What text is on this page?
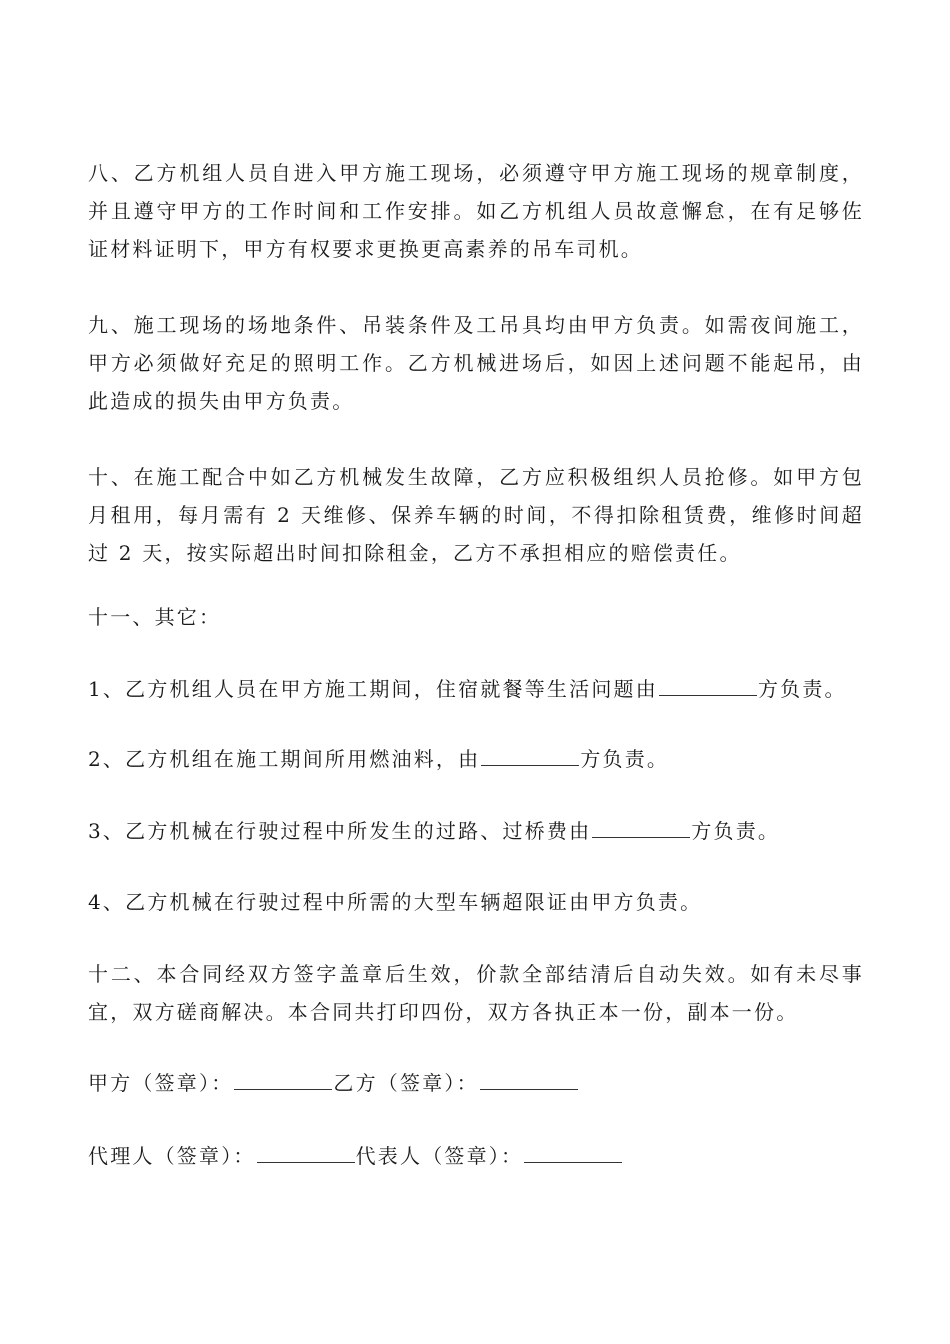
八、乙方机组人员自进入甲方施工现场，必须遵守甲方施工现场的规章制度，并且遵守甲方的工作时间和工作安排。如乙方机组人员故意懈怠，在有足够佐证材料证明下，甲方有权要求更换更高素养的吊车司机。

九、施工现场的场地条件、吊装条件及工吊具均由甲方负责。如需夜间施工，甲方必须做好充足的照明工作。乙方机械进场后，如因上述问题不能起吊，由此造成的损失由甲方负责。

十、在施工配合中如乙方机械发生故障，乙方应积极组织人员抢修。如甲方包月租用，每月需有 2 天维修、保养车辆的时间，不得扣除租赁费，维修时间超过 2 天，按实际超出时间扣除租金，乙方不承担相应的赔偿责任。

十一、其它：

1、乙方机组人员在甲方施工期间，住宿就餐等生活问题由	方负责。

2、乙方机组在施工期间所用燃油料，由	方负责。

3、乙方机械在行驶过程中所发生的过路、过桥费由	方负责。

4、乙方机械在行驶过程中所需的大型车辆超限证由甲方负责。

十二、本合同经双方签字盖章后生效，价款全部结清后自动失效。如有未尽事宜，双方磋商解决。本合同共打印四份，双方各执正本一份，副本一份。

甲方（签章）：	乙方（签章）：

代理人（签章）：	代表人（签章）：
